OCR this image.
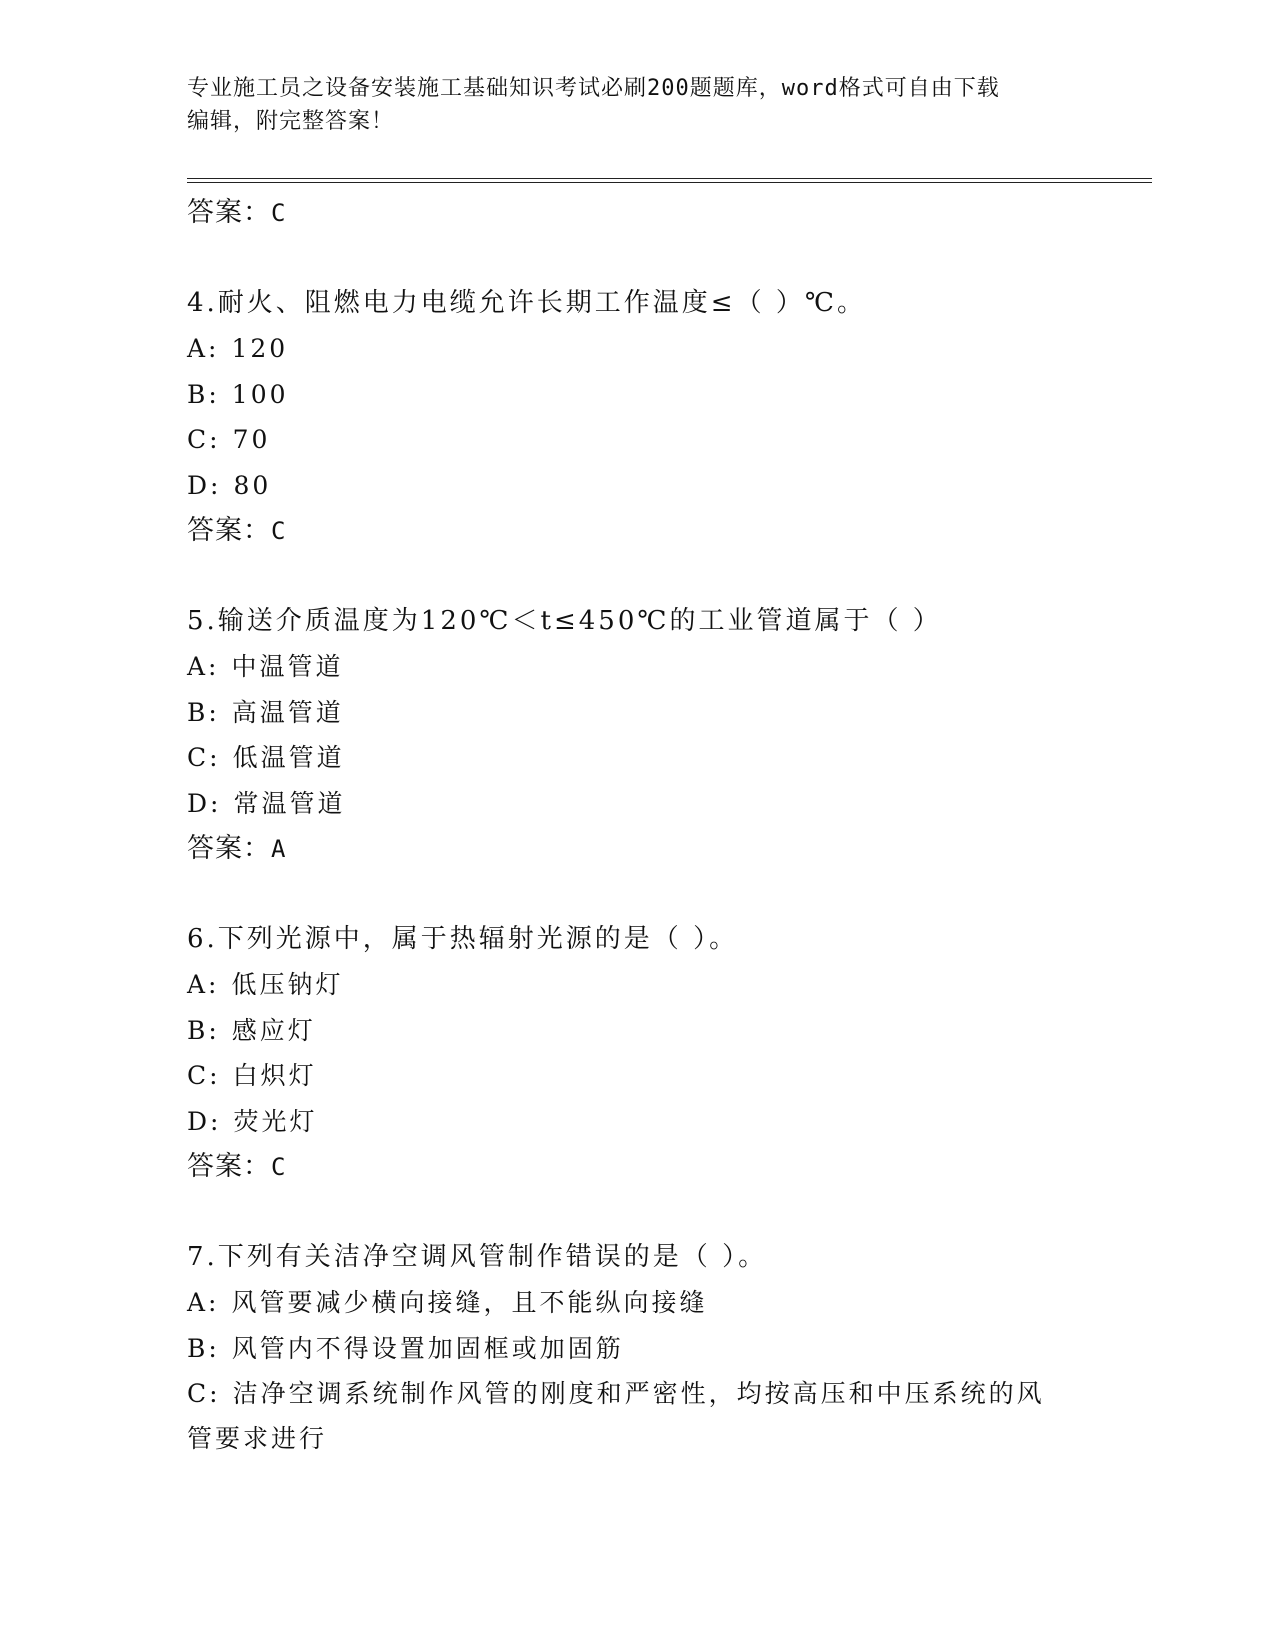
专业施工员之设备安装施工基础知识考试必刷200题题库，word格式可自由下载
编辑，附完整答案！
答案：C
4.耐火、阻燃电力电缆允许长期工作温度≤（ ）℃。
A: 120
B: 100
C: 70
D: 80
答案：C
5.输送介质温度为120℃＜t≤450℃的工业管道属于（ ）
A: 中温管道
B: 高温管道
C: 低温管道
D: 常温管道
答案：A
6.下列光源中，属于热辐射光源的是（ ）。
A: 低压钠灯
B: 感应灯
C: 白炽灯
D: 荧光灯
答案：C
7.下列有关洁净空调风管制作错误的是（ ）。
A: 风管要减少横向接缝，且不能纵向接缝
B: 风管内不得设置加固框或加固筋
C: 洁净空调系统制作风管的刚度和严密性，均按高压和中压系统的风管要求进行
